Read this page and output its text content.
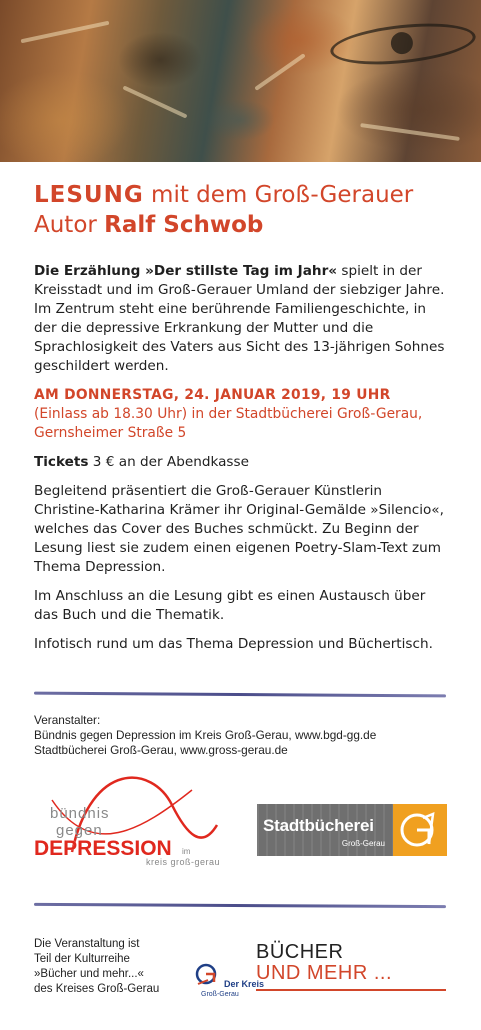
LESUNG mit dem Groß-Gerauer
Autor Ralf Schwob

Die Erzählung »Der stillste Tag im Jahr« spielt in der Kreisstadt und im Groß-Gerauer Umland der siebziger Jahre. Im Zentrum steht eine berührende Familiengeschichte, in der die depressive Erkrankung der Mutter und die Sprachlosigkeit des Vaters aus Sicht des 13-jährigen Sohnes geschildert werden.

AM DONNERSTAG, 24. JANUAR 2019, 19 UHR
(Einlass ab 18.30 Uhr) in der Stadtbücherei Groß-Gerau, Gernsheimer Straße 5

Tickets 3 € an der Abendkasse

Begleitend präsentiert die Groß-Gerauer Künstlerin Christine-Katharina Krämer ihr Original-Gemälde »Silencio«, welches das Cover des Buches schmückt. Zu Beginn der Lesung liest sie zudem einen eigenen Poetry-Slam-Text zum Thema Depression.

Im Anschluss an die Lesung gibt es einen Austausch über das Buch und die Thematik.

Infotisch rund um das Thema Depression und Büchertisch.

Veranstalter:
Bündnis gegen Depression im Kreis Groß-Gerau, www.bgd-gg.de
Stadtbücherei Groß-Gerau, www.gross-gerau.de
bündnis
gegen
DEPRESSION im
kreis groß-gerau
Stadtbücherei
Groß-Gerau
Die Veranstaltung ist
Teil der Kulturreihe
»Bücher und mehr...«
des Kreises Groß-Gerau	Der Kreis
Groß-Gerau
BÜCHER
UND MEHR ...
